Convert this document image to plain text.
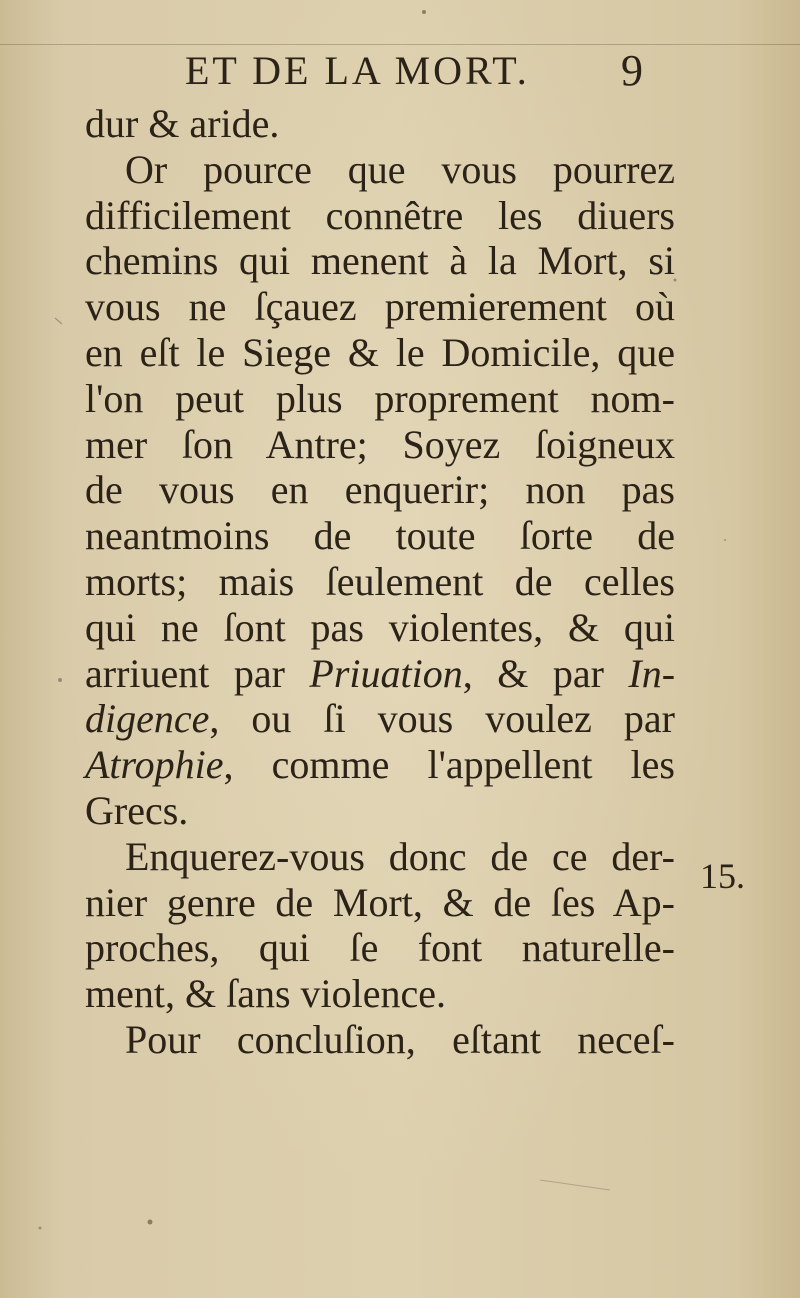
ET DE LA MORT. 9
dur & aride.
Or pource que vous pourrez
difficilement connêtre les diuers
chemins qui menent à la Mort, si
vous ne ſçauez premierement où
en eſt le Siege & le Domicile, que
l'on peut plus proprement nom-
mer ſon Antre; Soyez ſoigneux
de vous en enquerir; non pas
neantmoins de toute ſorte de
morts; mais ſeulement de celles
qui ne ſont pas violentes, & qui
arriuent par Priuation, & par In-
digence, ou ſi vous voulez par
Atrophie, comme l'appellent les
Grecs.
Enquerez-vous donc de ce der-
nier genre de Mort, & de ſes Ap-
proches, qui ſe font naturelle-
ment, & ſans violence.
Pour concluſion, eſtant neceſ-
15.
